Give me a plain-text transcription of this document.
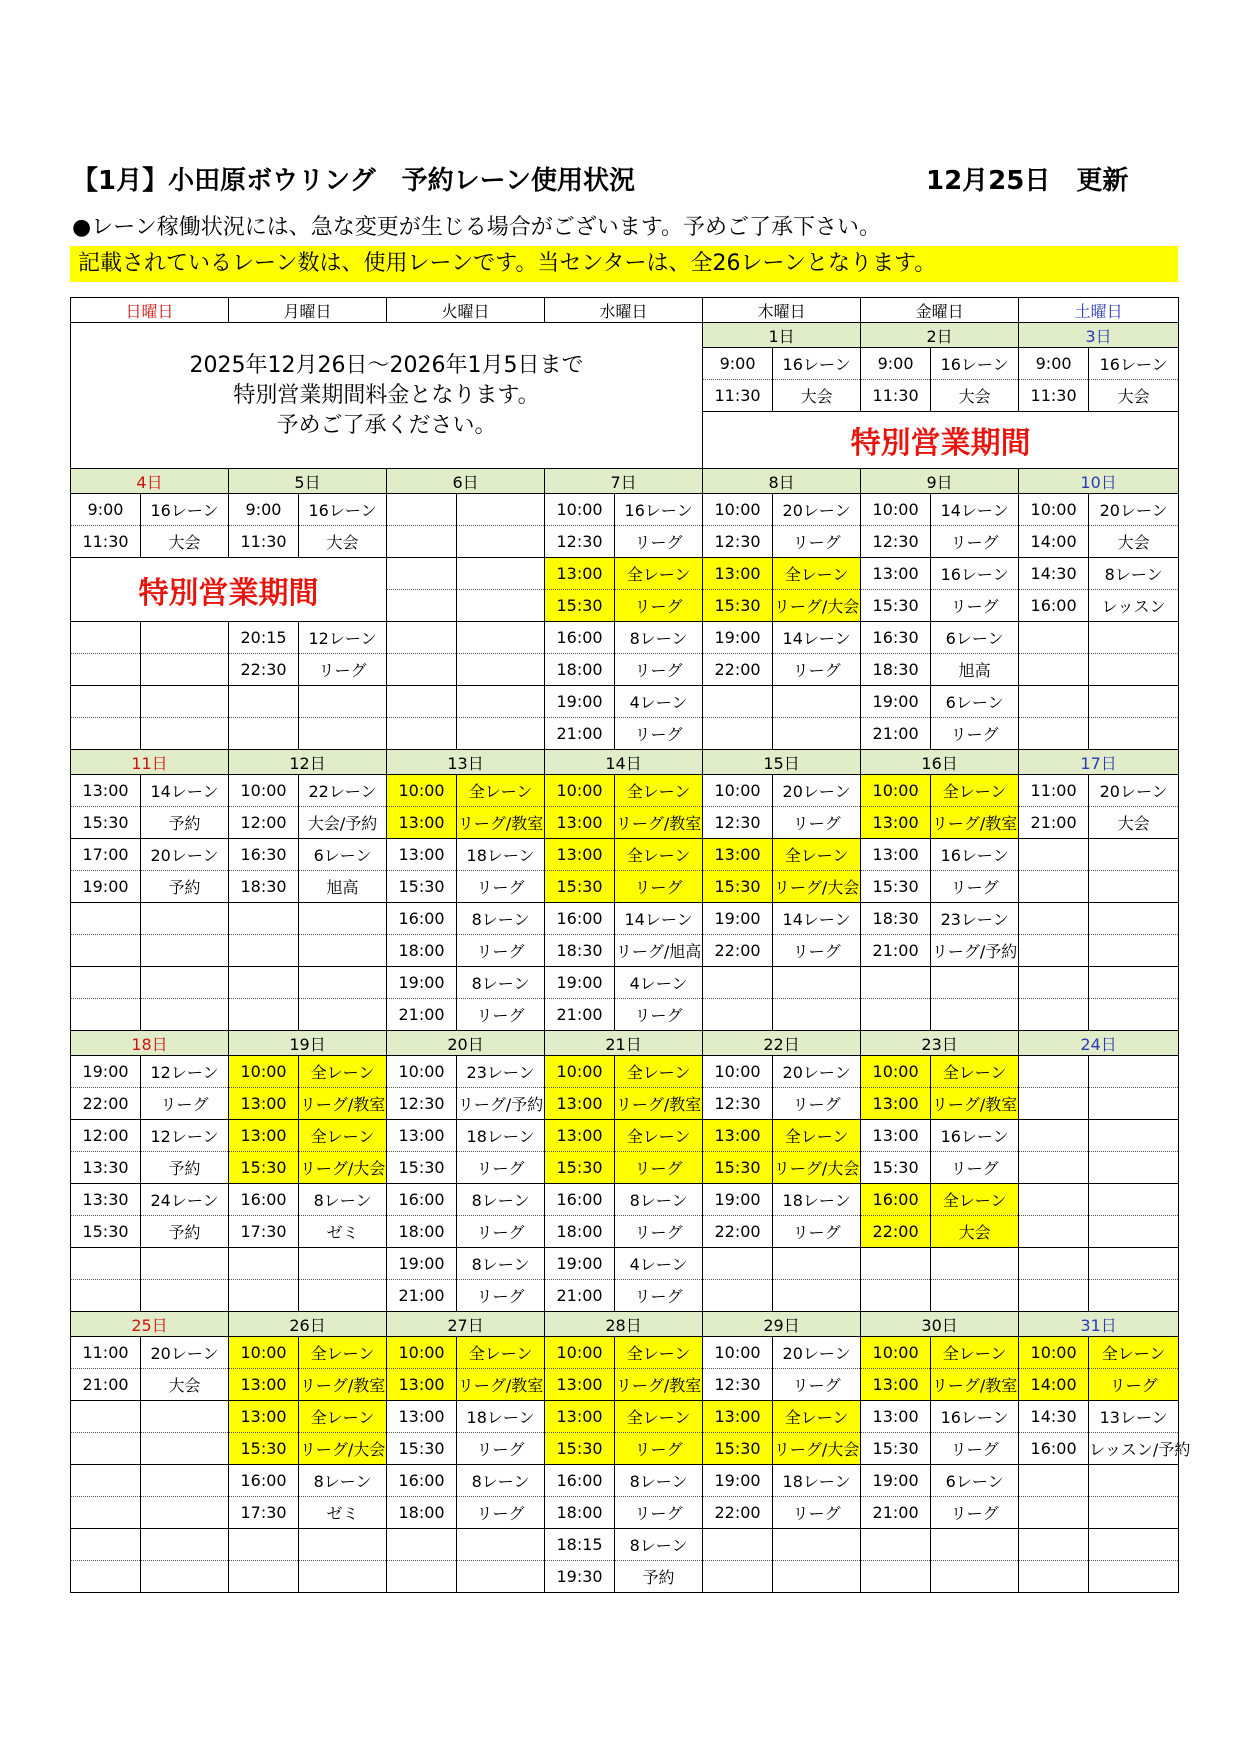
【1月】小田原ボウリング　予約レーン使用状況	12月25日　更新
●レーン稼働状況には、急な変更が生じる場合がございます。予めご了承下さい。
記載されているレーン数は、使用レーンです。当センターは、全26レーンとなります。
日曜日		月曜日		火曜日		水曜日		木曜日		金曜日		土曜日	

2025年12月26日～2026年1月5日まで
特別営業期間料金となります。
予めご了承ください。								1日		2日		3日	
								9:00	16レーン	9:00	16レーン	9:00	16レーン
								11:30	大会	11:30	大会	11:30	大会
								特別営業期間					

4日		5日		6日		7日		8日		9日		10日	
9:00	16レーン	9:00	16レーン			10:00	16レーン	10:00	20レーン	10:00	14レーン	10:00	20レーン
11:30	大会	11:30	大会			12:30	リーグ	12:30	リーグ	12:30	リーグ	14:00	大会
特別営業期間						13:00	全レーン	13:00	全レーン	13:00	16レーン	14:30	8レーン
						15:30	リーグ	15:30	リーグ/大会	15:30	リーグ	16:00	レッスン
		20:15	12レーン			16:00	8レーン	19:00	14レーン	16:30	6レーン		
		22:30	リーグ			18:00	リーグ	22:00	リーグ	18:30	旭高		
						19:00	4レーン			19:00	6レーン		
						21:00	リーグ			21:00	リーグ		
11日		12日		13日		14日		15日		16日		17日	
13:00	14レーン	10:00	22レーン	10:00	全レーン	10:00	全レーン	10:00	20レーン	10:00	全レーン	11:00	20レーン
15:30	予約	12:00	大会/予約	13:00	リーグ/教室	13:00	リーグ/教室	12:30	リーグ	13:00	リーグ/教室	21:00	大会
17:00	20レーン	16:30	6レーン	13:00	18レーン	13:00	全レーン	13:00	全レーン	13:00	16レーン		
19:00	予約	18:30	旭高	15:30	リーグ	15:30	リーグ	15:30	リーグ/大会	15:30	リーグ		
				16:00	8レーン	16:00	14レーン	19:00	14レーン	18:30	23レーン		
				18:00	リーグ	18:30	リーグ/旭高	22:00	リーグ	21:00	リーグ/予約		
				19:00	8レーン	19:00	4レーン						
				21:00	リーグ	21:00	リーグ						
18日		19日		20日		21日		22日		23日		24日	
19:00	12レーン	10:00	全レーン	10:00	23レーン	10:00	全レーン	10:00	20レーン	10:00	全レーン		
22:00	リーグ	13:00	リーグ/教室	12:30	リーグ/予約	13:00	リーグ/教室	12:30	リーグ	13:00	リーグ/教室		
12:00	12レーン	13:00	全レーン	13:00	18レーン	13:00	全レーン	13:00	全レーン	13:00	16レーン		
13:30	予約	15:30	リーグ/大会	15:30	リーグ	15:30	リーグ	15:30	リーグ/大会	15:30	リーグ		
13:30	24レーン	16:00	8レーン	16:00	8レーン	16:00	8レーン	19:00	18レーン	16:00	全レーン		
15:30	予約	17:30	ゼミ	18:00	リーグ	18:00	リーグ	22:00	リーグ	22:00	大会		
				19:00	8レーン	19:00	4レーン						
				21:00	リーグ	21:00	リーグ						
25日		26日		27日		28日		29日		30日		31日	
11:00	20レーン	10:00	全レーン	10:00	全レーン	10:00	全レーン	10:00	20レーン	10:00	全レーン	10:00	全レーン
21:00	大会	13:00	リーグ/教室	13:00	リーグ/教室	13:00	リーグ/教室	12:30	リーグ	13:00	リーグ/教室	14:00	リーグ
		13:00	全レーン	13:00	18レーン	13:00	全レーン	13:00	全レーン	13:00	16レーン	14:30	13レーン
		15:30	リーグ/大会	15:30	リーグ	15:30	リーグ	15:30	リーグ/大会	15:30	リーグ	16:00	レッスン/予約
		16:00	8レーン	16:00	8レーン	16:00	8レーン	19:00	18レーン	19:00	6レーン		
		17:30	ゼミ	18:00	リーグ	18:00	リーグ	22:00	リーグ	21:00	リーグ		
						18:15	8レーン						
						19:30	予約						
